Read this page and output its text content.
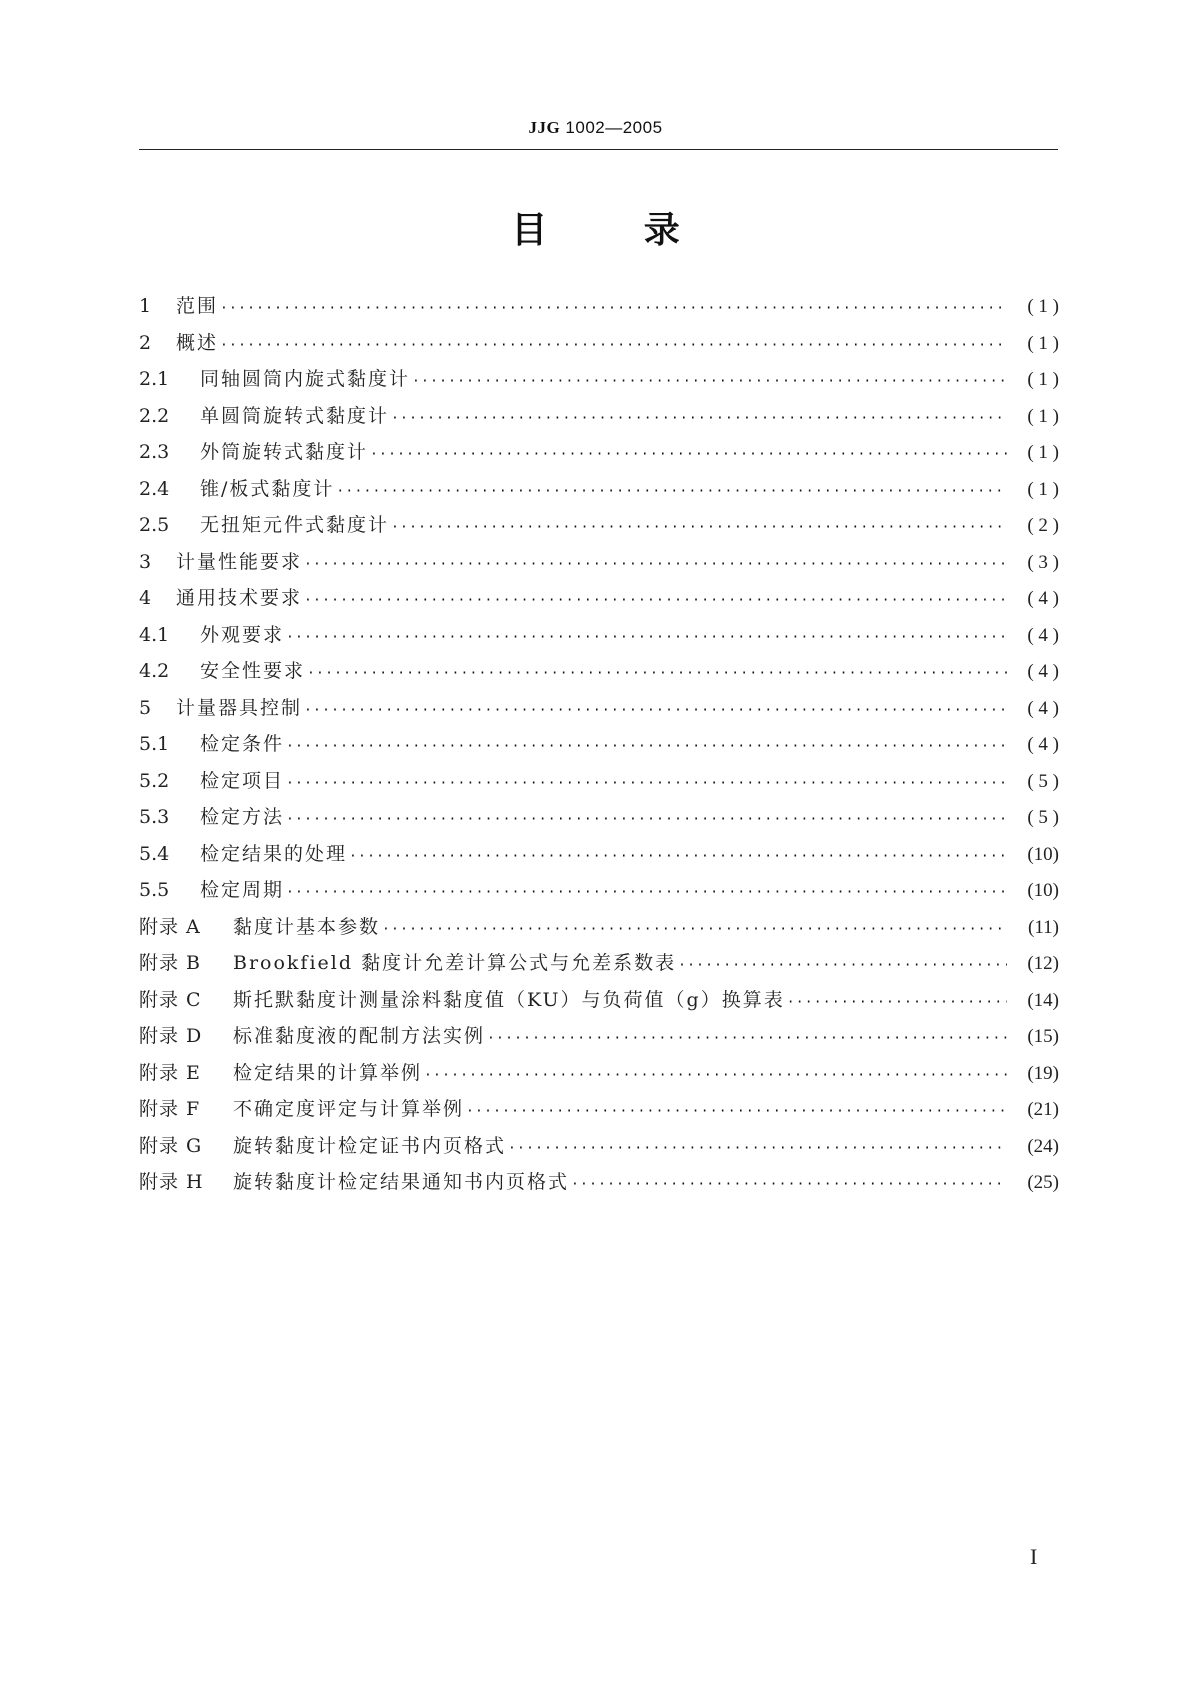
JJG 1002—2005
目	录
1	范围 ·····	( 1 )
2	概述 ·····	( 1 )
2.1	同轴圆筒内旋式黏度计 ·····	( 1 )
2.2	单圆筒旋转式黏度计 ·····	( 1 )
2.3	外筒旋转式黏度计 ·····	( 1 )
2.4	锥/板式黏度计 ·····	( 1 )
2.5	无扭矩元件式黏度计 ·····	( 2 )
3	计量性能要求 ·····	( 3 )
4	通用技术要求 ·····	( 4 )
4.1	外观要求 ·····	( 4 )
4.2	安全性要求 ·····	( 4 )
5	计量器具控制 ·····	( 4 )
5.1	检定条件 ·····	( 4 )
5.2	检定项目 ·····	( 5 )
5.3	检定方法 ·····	( 5 )
5.4	检定结果的处理 ·····	(10)
5.5	检定周期 ·····	(10)
附录 A	黏度计基本参数 ·····	(11)
附录 B	Brookfield 黏度计允差计算公式与允差系数表 ·····	(12)
附录 C	斯托默黏度计测量涂料黏度值（KU）与负荷值（g）换算表 ·····	(14)
附录 D	标准黏度液的配制方法实例 ·····	(15)
附录 E	检定结果的计算举例 ·····	(19)
附录 F	不确定度评定与计算举例 ·····	(21)
附录 G	旋转黏度计检定证书内页格式 ·····	(24)
附录 H	旋转黏度计检定结果通知书内页格式 ·····	(25)
I
